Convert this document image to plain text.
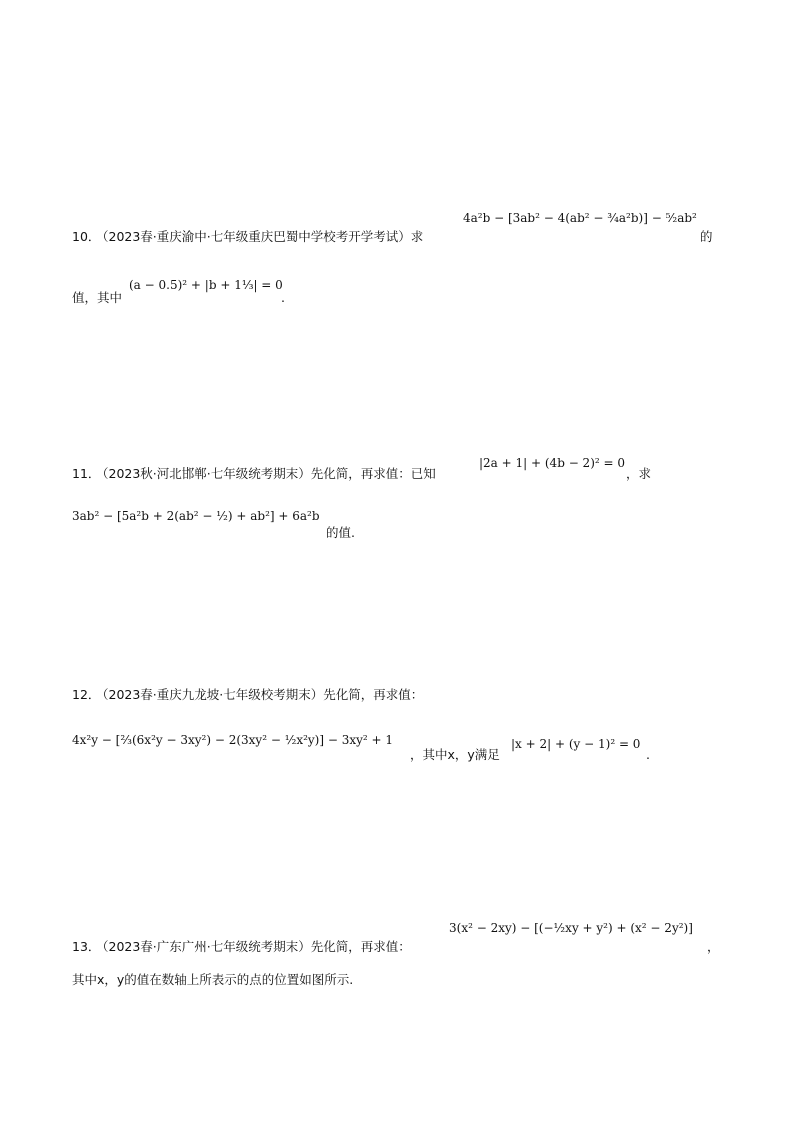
10．
（2023春·重庆渝中·七年级重庆巴蜀中学校考开学考试）求
4a²b − [3ab² − 4(ab² − ¾a²b)] − ⁵⁄₂ab²
的
值，其中
(a − 0.5)² + |b + 1⅓| = 0
.
11．
（2023秋·河北邯郸·七年级统考期末）先化简，再求值：已知
|2a + 1| + (4b − 2)² = 0
，求
3ab² − [5a²b + 2(ab² − ½) + ab²] + 6a²b
的值.
12．
（2023春·重庆九龙坡·七年级校考期末）先化简，再求值：
4x²y − [⅔(6x²y − 3xy²) − 2(3xy² − ½x²y)] − 3xy² + 1
，其中x，y满足
|x + 2| + (y − 1)² = 0
.
13．
（2023春·广东广州·七年级统考期末）先化简，再求值：
3(x² − 2xy) − [(−½xy + y²) + (x² − 2y²)]
，
其中x，y的值在数轴上所表示的点的位置如图所示.
